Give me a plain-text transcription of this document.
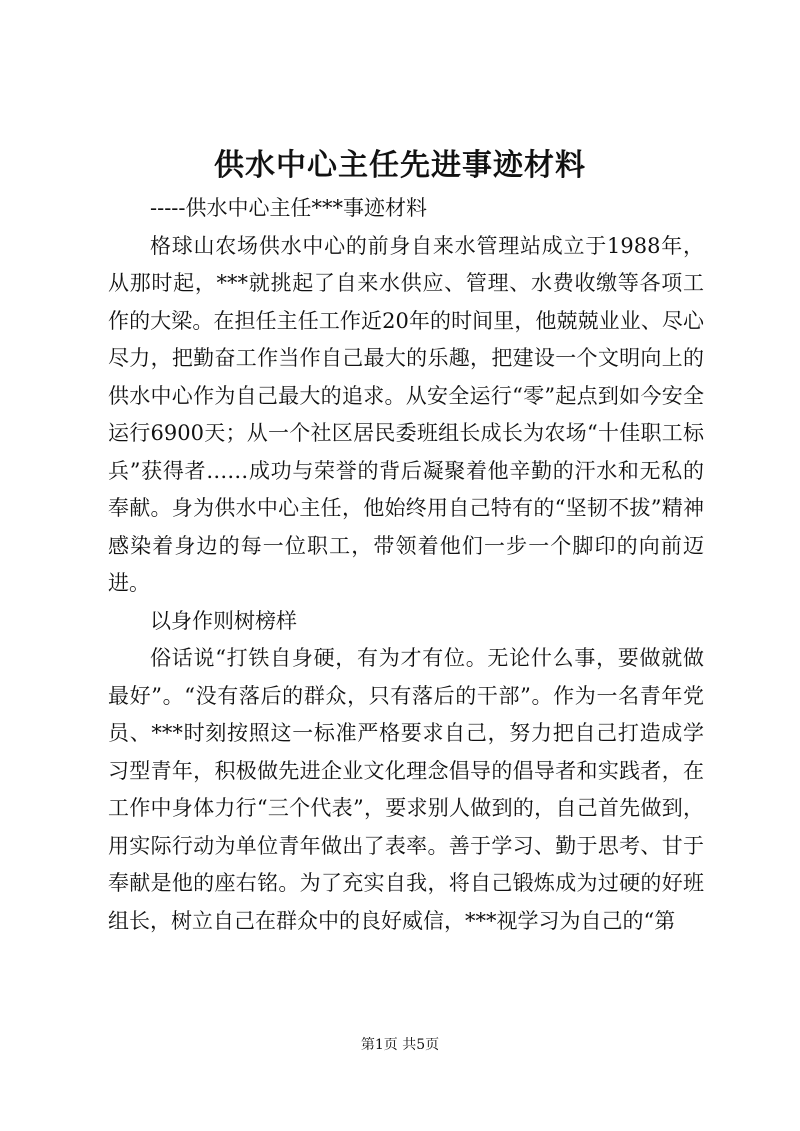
供水中心主任先进事迹材料

-----供水中心主任***事迹材料

格球山农场供水中心的前身自来水管理站成立于1988年，从那时起，***就挑起了自来水供应、管理、水费收缴等各项工作的大梁。在担任主任工作近20年的时间里，他兢兢业业、尽心尽力，把勤奋工作当作自己最大的乐趣，把建设一个文明向上的供水中心作为自己最大的追求。从安全运行“零”起点到如今安全运行6900天；从一个社区居民委班组长成长为农场“十佳职工标兵”获得者……成功与荣誉的背后凝聚着他辛勤的汗水和无私的奉献。身为供水中心主任，他始终用自己特有的“坚韧不拔”精神感染着身边的每一位职工，带领着他们一步一个脚印的向前迈进。

以身作则树榜样

俗话说“打铁自身硬，有为才有位。无论什么事，要做就做最好”。“没有落后的群众，只有落后的干部”。作为一名青年党员、***时刻按照这一标准严格要求自己，努力把自己打造成学习型青年，积极做先进企业文化理念倡导的倡导者和实践者，在工作中身体力行“三个代表”，要求别人做到的，自己首先做到，用实际行动为单位青年做出了表率。善于学习、勤于思考、甘于奉献是他的座右铭。为了充实自我，将自己锻炼成为过硬的好班组长，树立自己在群众中的良好威信，***视学习为自己的“第

第1页 共5页
